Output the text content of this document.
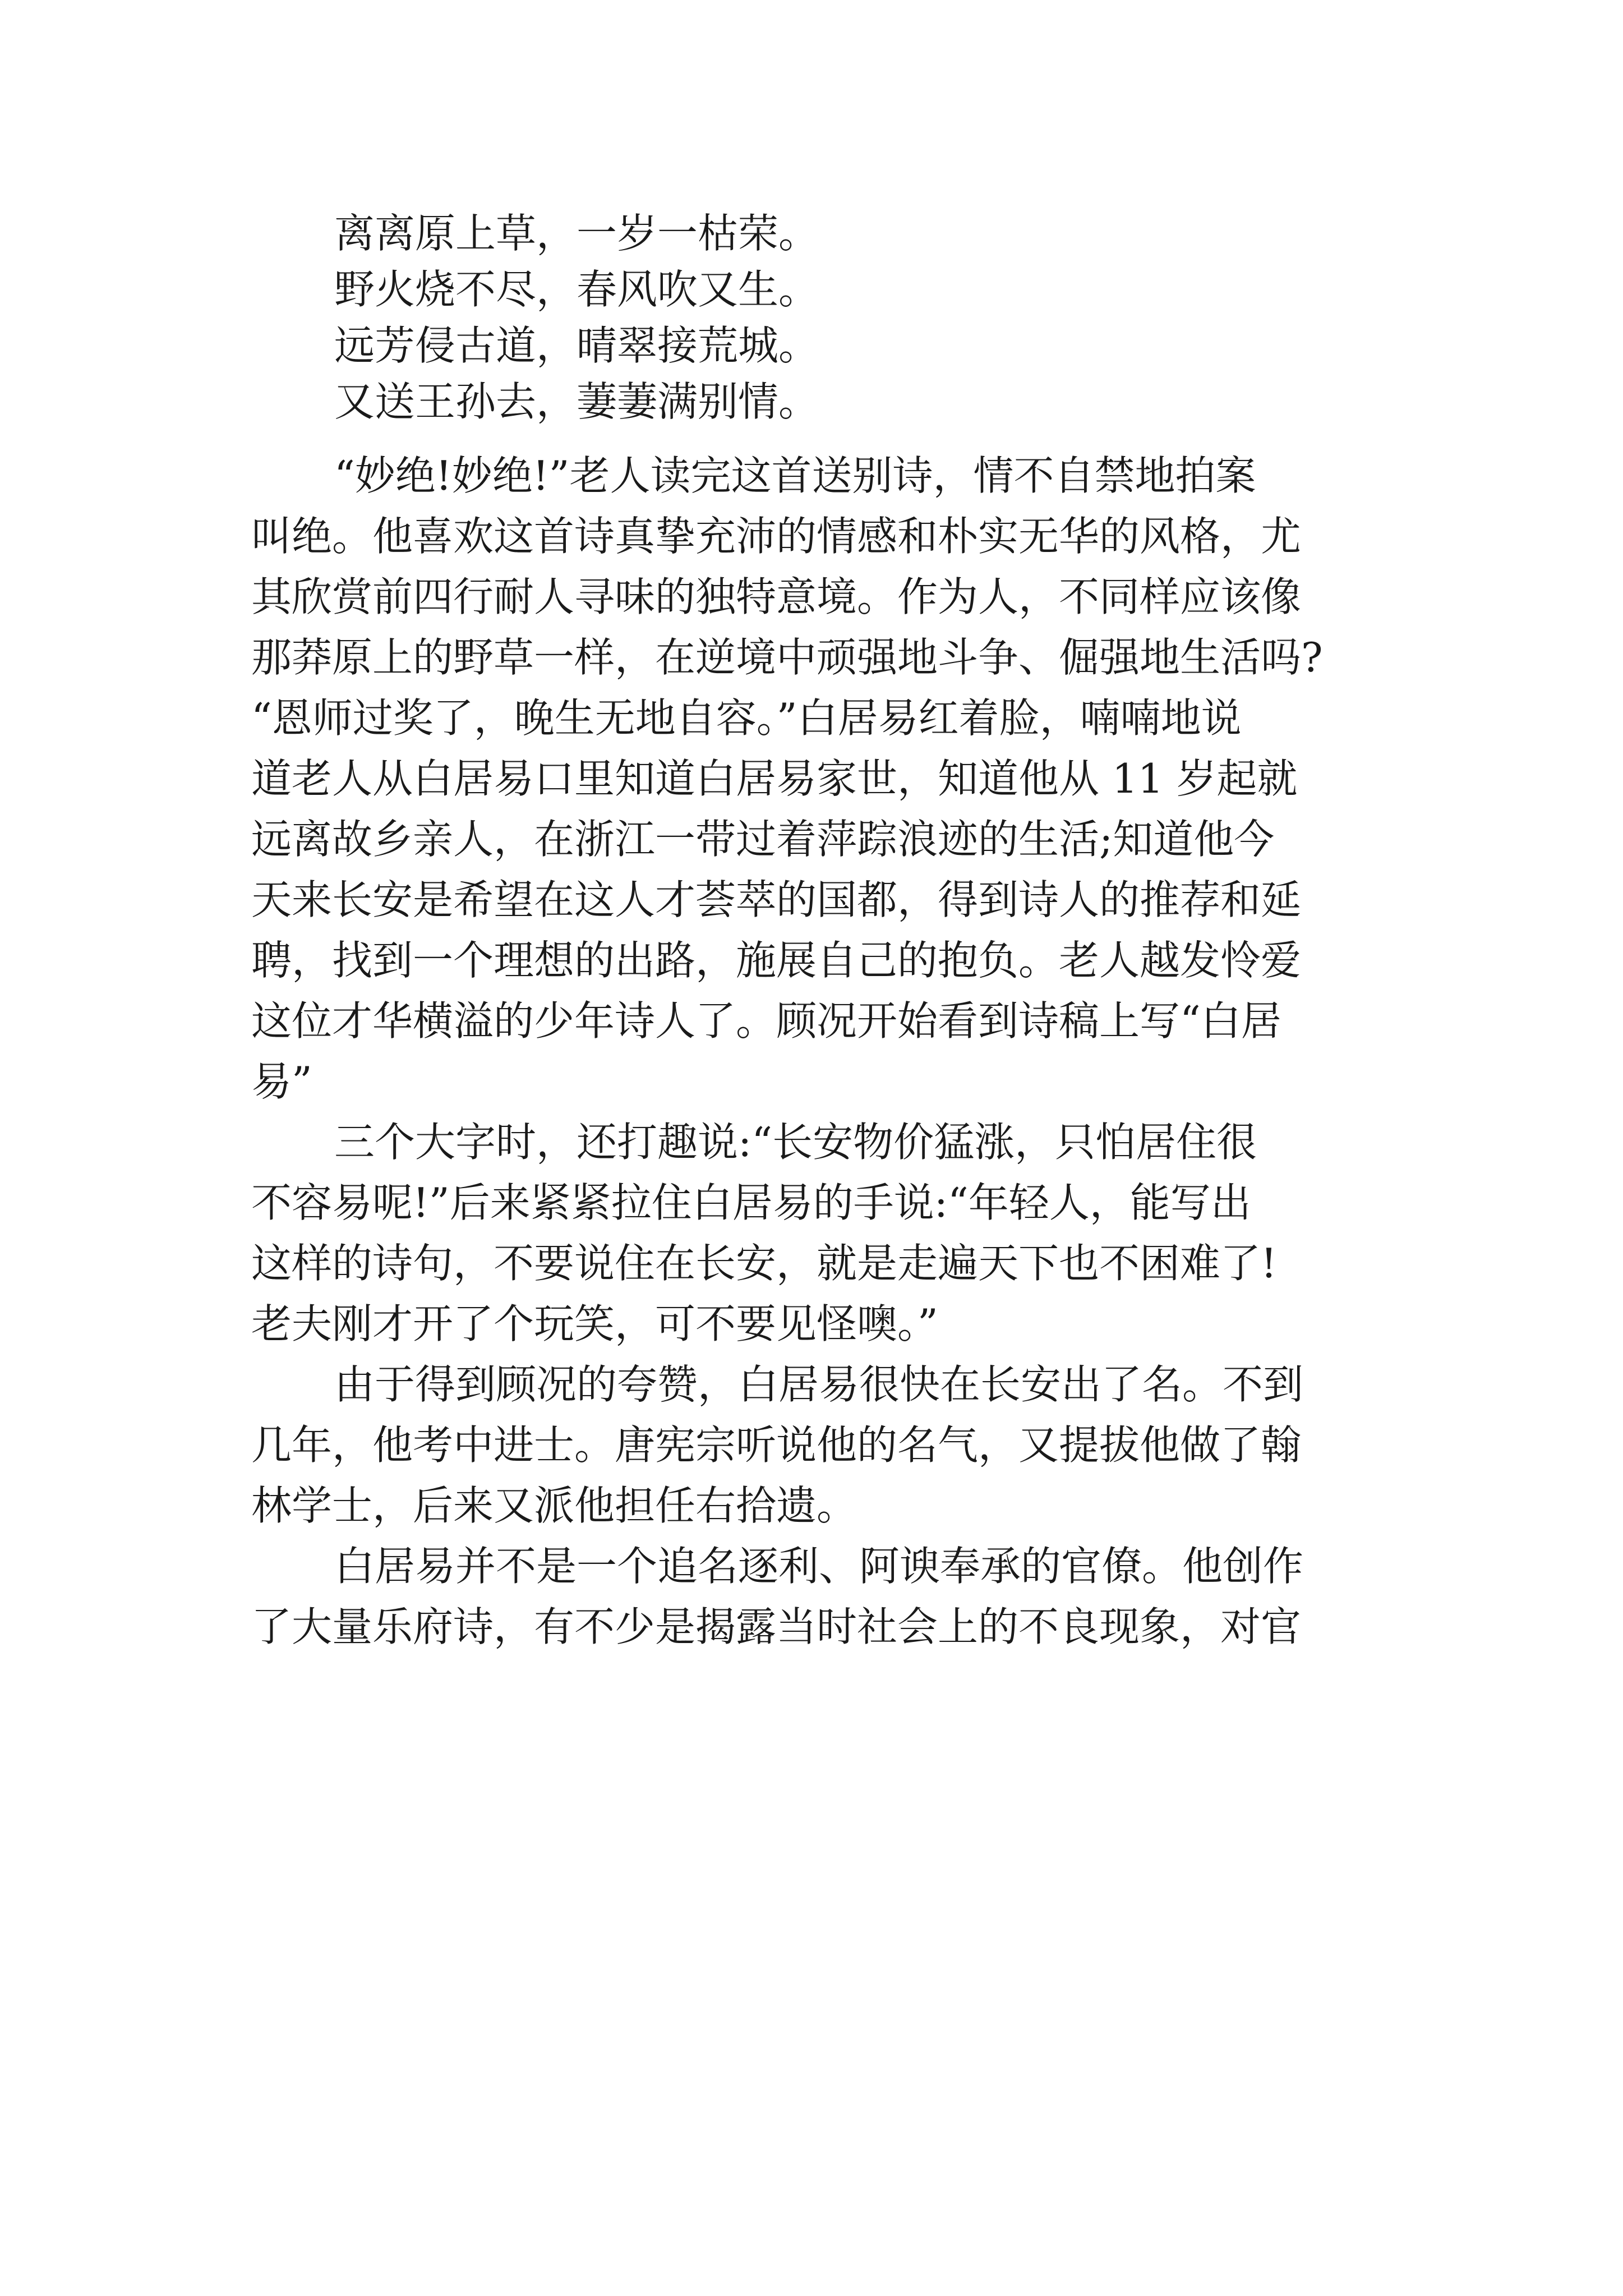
离离原上草，一岁一枯荣。
野火烧不尽，春风吹又生。
远芳侵古道，晴翠接荒城。
又送王孙去，萋萋满别情。
“妙绝!妙绝!”老人读完这首送别诗，情不自禁地拍案
叫绝。他喜欢这首诗真挚充沛的情感和朴实无华的风格，尤
其欣赏前四行耐人寻味的独特意境。作为人，不同样应该像
那莽原上的野草一样，在逆境中顽强地斗争、倔强地生活吗?
“恩师过奖了，晚生无地自容。”白居易红着脸，喃喃地说
道老人从白居易口里知道白居易家世，知道他从 11 岁起就
远离故乡亲人，在浙江一带过着萍踪浪迹的生活;知道他今
天来长安是希望在这人才荟萃的国都，得到诗人的推荐和延
聘，找到一个理想的出路，施展自己的抱负。老人越发怜爱
这位才华横溢的少年诗人了。顾况开始看到诗稿上写“白居
易”
三个大字时，还打趣说:“长安物价猛涨，只怕居住很
不容易呢!”后来紧紧拉住白居易的手说:“年轻人，能写出
这样的诗句，不要说住在长安，就是走遍天下也不困难了!
老夫刚才开了个玩笑，可不要见怪噢。”
由于得到顾况的夸赞，白居易很快在长安出了名。不到
几年，他考中进士。唐宪宗听说他的名气，又提拔他做了翰
林学士，后来又派他担任右拾遗。
白居易并不是一个追名逐利、阿谀奉承的官僚。他创作
了大量乐府诗，有不少是揭露当时社会上的不良现象，对官
